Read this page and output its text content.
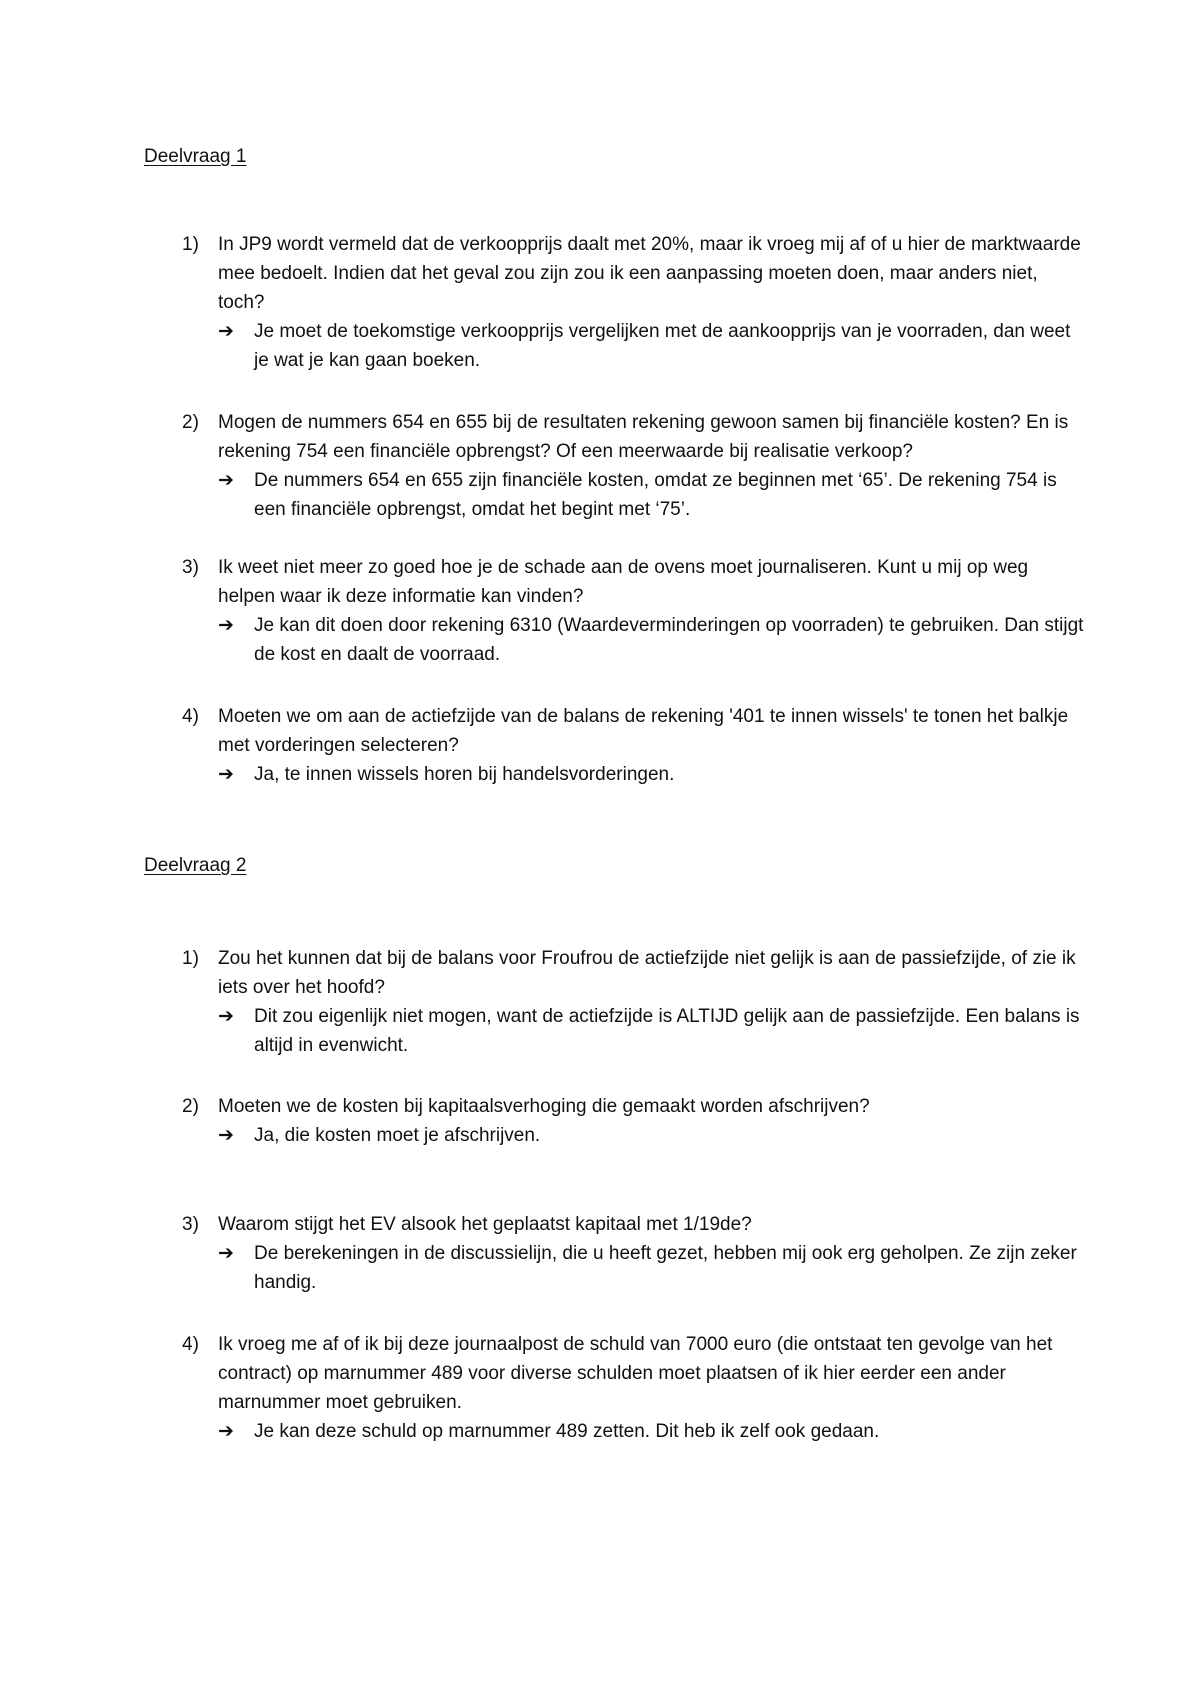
Deelvraag 1
1)	In JP9 wordt vermeld dat de verkoopprijs daalt met 20%, maar ik vroeg mij af of u hier de marktwaarde mee bedoelt. Indien dat het geval zou zijn zou ik een aanpassing moeten doen, maar anders niet, toch?
➔	Je moet de toekomstige verkoopprijs vergelijken met de aankoopprijs van je voorraden, dan weet je wat je kan gaan boeken.
2)	Mogen de nummers 654 en 655 bij de resultaten rekening gewoon samen bij financiële kosten? En is rekening 754 een financiële opbrengst? Of een meerwaarde bij realisatie verkoop?
➔	De nummers 654 en 655 zijn financiële kosten, omdat ze beginnen met ‘65’. De rekening 754 is een financiële opbrengst, omdat het begint met ‘75’.
3)	Ik weet niet meer zo goed hoe je de schade aan de ovens moet journaliseren. Kunt u mij op weg helpen waar ik deze informatie kan vinden?
➔	Je kan dit doen door rekening 6310 (Waardeverminderingen op voorraden) te gebruiken. Dan stijgt de kost en daalt de voorraad.
4)	Moeten we om aan de actiefzijde van de balans de rekening '401 te innen wissels' te tonen het balkje met vorderingen selecteren?
➔	Ja, te innen wissels horen bij handelsvorderingen.
Deelvraag 2
1)	Zou het kunnen dat bij de balans voor Froufrou de actiefzijde niet gelijk is aan de passiefzijde, of zie ik iets over het hoofd?
➔	Dit zou eigenlijk niet mogen, want de actiefzijde is ALTIJD gelijk aan de passiefzijde. Een balans is altijd in evenwicht.
2)	Moeten we de kosten bij kapitaalsverhoging die gemaakt worden afschrijven?
➔	Ja, die kosten moet je afschrijven.
3)	Waarom stijgt het EV alsook het geplaatst kapitaal met 1/19de?
➔	De berekeningen in de discussielijn, die u heeft gezet, hebben mij ook erg geholpen. Ze zijn zeker handig.
4)	Ik vroeg me af of ik bij deze journaalpost de schuld van 7000 euro (die ontstaat ten gevolge van het contract) op marnummer 489 voor diverse schulden moet plaatsen of ik hier eerder een ander marnummer moet gebruiken.
➔	Je kan deze schuld op marnummer 489 zetten. Dit heb ik zelf ook gedaan.
